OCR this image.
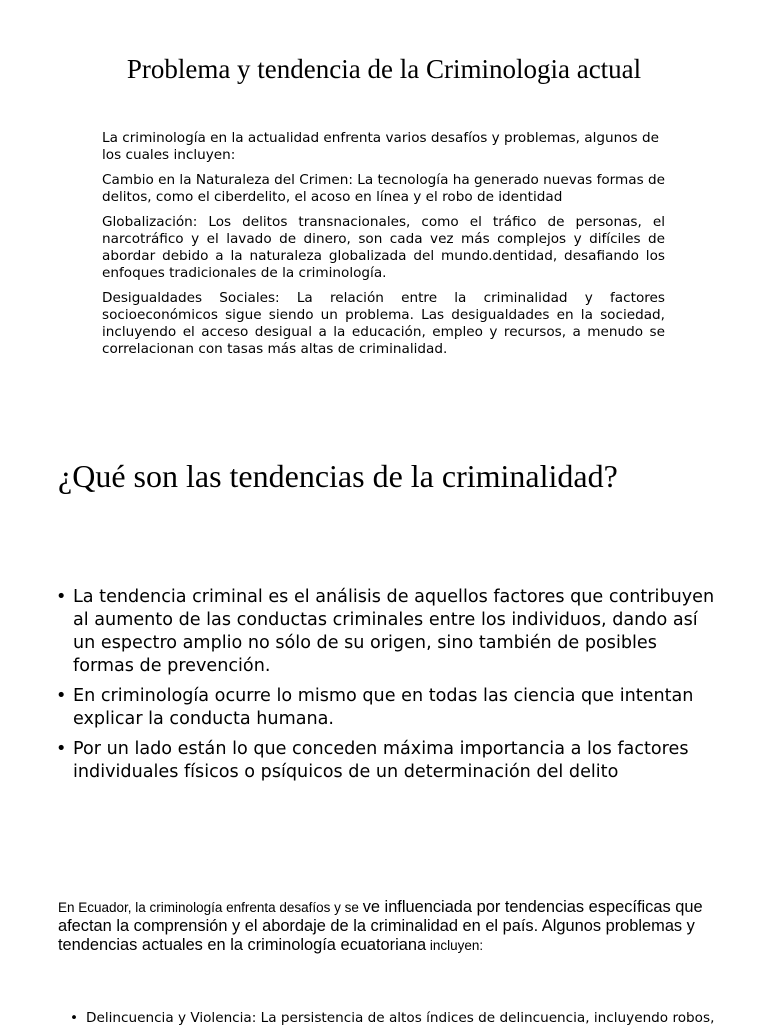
Problema y tendencia de la Criminologia actual

La criminología en la actualidad enfrenta varios desafíos y problemas, algunos de los cuales incluyen:

Cambio en la Naturaleza del Crimen: La tecnología ha generado nuevas formas de delitos, como el ciberdelito, el acoso en línea y el robo de identidad

Globalización: Los delitos transnacionales, como el tráfico de personas, el narcotráfico y el lavado de dinero, son cada vez más complejos y difíciles de abordar debido a la naturaleza globalizada del mundo.dentidad, desafiando los enfoques tradicionales de la criminología.

Desigualdades Sociales: La relación entre la criminalidad y factores socioeconómicos sigue siendo un problema. Las desigualdades en la sociedad, incluyendo el acceso desigual a la educación, empleo y recursos, a menudo se correlacionan con tasas más altas de criminalidad.

¿Qué son las tendencias de la criminalidad?
• La tendencia criminal es el análisis de aquellos factores que contribuyen al aumento de las conductas criminales entre los individuos, dando así un espectro amplio no sólo de su origen, sino también de posibles formas de prevención.
• En criminología ocurre lo mismo que en todas las ciencia que intentan explicar la conducta humana.
• Por un lado están lo que conceden máxima importancia a los factores individuales físicos o psíquicos de un determinación del delito
En Ecuador, la criminología enfrenta desafíos y se ve influenciada por tendencias específicas que afectan la comprensión y el abordaje de la criminalidad en el país. Algunos problemas y tendencias actuales en la criminología ecuatoriana incluyen:
• Delincuencia y Violencia: La persistencia de altos índices de delincuencia, incluyendo robos,
